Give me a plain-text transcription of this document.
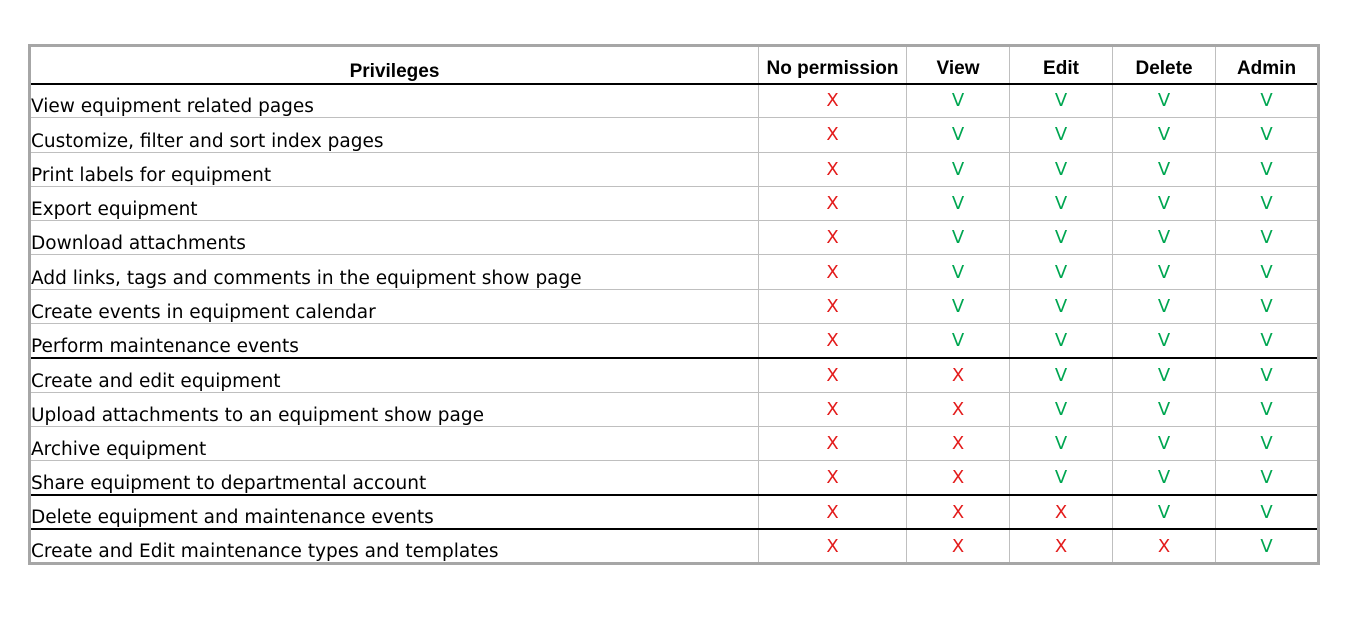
Privileges	No permission	View	Edit	Delete	Admin
View equipment related pages	X	V	V	V	V
Customize, filter and sort index pages	X	V	V	V	V
Print labels for equipment	X	V	V	V	V
Export equipment	X	V	V	V	V
Download attachments	X	V	V	V	V
Add links, tags and comments in the equipment show page	X	V	V	V	V
Create events in equipment calendar	X	V	V	V	V
Perform maintenance events	X	V	V	V	V
Create and edit equipment	X	X	V	V	V
Upload attachments to an equipment show page	X	X	V	V	V
Archive equipment	X	X	V	V	V
Share equipment to departmental account	X	X	V	V	V
Delete equipment and maintenance events	X	X	X	V	V
Create and Edit maintenance types and templates	X	X	X	X	V
